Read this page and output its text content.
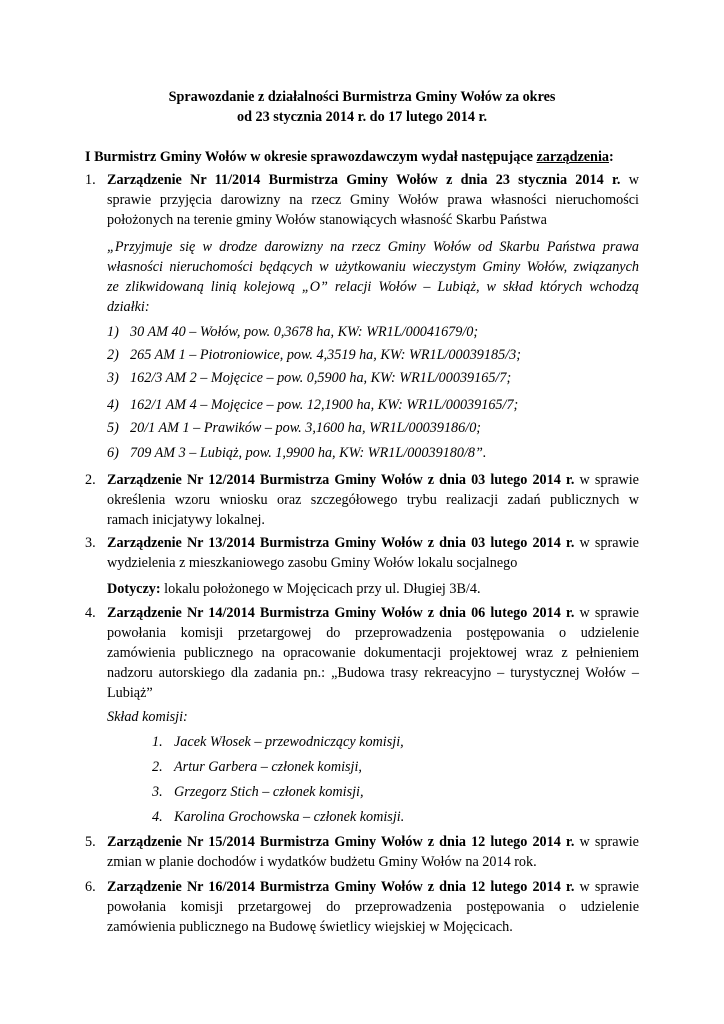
Sprawozdanie z działalności Burmistrza Gminy Wołów za okres
od 23 stycznia 2014 r. do 17 lutego 2014 r.
I Burmistrz Gminy Wołów w okresie sprawozdawczym wydał następujące zarządzenia:
1. Zarządzenie Nr 11/2014 Burmistrza Gminy Wołów z dnia 23 stycznia 2014 r. w
sprawie przyjęcia darowizny na rzecz Gminy Wołów prawa własności nieruchomości
położonych na terenie gminy Wołów stanowiących własność Skarbu Państwa
„Przyjmuje się w drodze darowizny na rzecz Gminy Wołów od Skarbu Państwa prawa
własności nieruchomości będących w użytkowaniu wieczystym Gminy Wołów, związanych
ze zlikwidowaną linią kolejową „O” relacji Wołów – Lubiąż, w skład których wchodzą
działki:
1) 30 AM 40 – Wołów, pow. 0,3678 ha, KW: WR1L/00041679/0;
2) 265 AM 1 – Piotroniowice, pow. 4,3519 ha, KW: WR1L/00039185/3;
3) 162/3 AM 2 – Mojęcice – pow. 0,5900 ha, KW: WR1L/00039165/7;
4) 162/1 AM 4 – Mojęcice – pow. 12,1900 ha, KW: WR1L/00039165/7;
5) 20/1 AM 1 – Prawików – pow. 3,1600 ha, WR1L/00039186/0;
6) 709 AM 3 – Lubiąż, pow. 1,9900 ha, KW: WR1L/00039180/8”.
2. Zarządzenie Nr 12/2014 Burmistrza Gminy Wołów z dnia 03 lutego 2014 r. w sprawie
określenia wzoru wniosku oraz szczegółowego trybu realizacji zadań publicznych w
ramach inicjatywy lokalnej.
3. Zarządzenie Nr 13/2014 Burmistrza Gminy Wołów z dnia 03 lutego 2014 r. w sprawie
wydzielenia z mieszkaniowego zasobu Gminy Wołów lokalu socjalnego
Dotyczy: lokalu położonego w Mojęcicach przy ul. Długiej 3B/4.
4. Zarządzenie Nr 14/2014 Burmistrza Gminy Wołów z dnia 06 lutego 2014 r. w sprawie
powołania komisji przetargowej do przeprowadzenia postępowania o udzielenie
zamówienia publicznego na opracowanie dokumentacji projektowej wraz z pełnieniem
nadzoru autorskiego dla zadania pn.: „Budowa trasy rekreacyjno – turystycznej Wołów –
Lubiąż”
Skład komisji:
1. Jacek Włosek – przewodniczący komisji,
2. Artur Garbera – członek komisji,
3. Grzegorz Stich – członek komisji,
4. Karolina Grochowska – członek komisji.
5. Zarządzenie Nr 15/2014 Burmistrza Gminy Wołów z dnia 12 lutego 2014 r. w sprawie
zmian w planie dochodów i wydatków budżetu Gminy Wołów na 2014 rok.
6. Zarządzenie Nr 16/2014 Burmistrza Gminy Wołów z dnia 12 lutego 2014 r. w sprawie
powołania komisji przetargowej do przeprowadzenia postępowania o udzielenie
zamówienia publicznego na Budowę świetlicy wiejskiej w Mojęcicach.
